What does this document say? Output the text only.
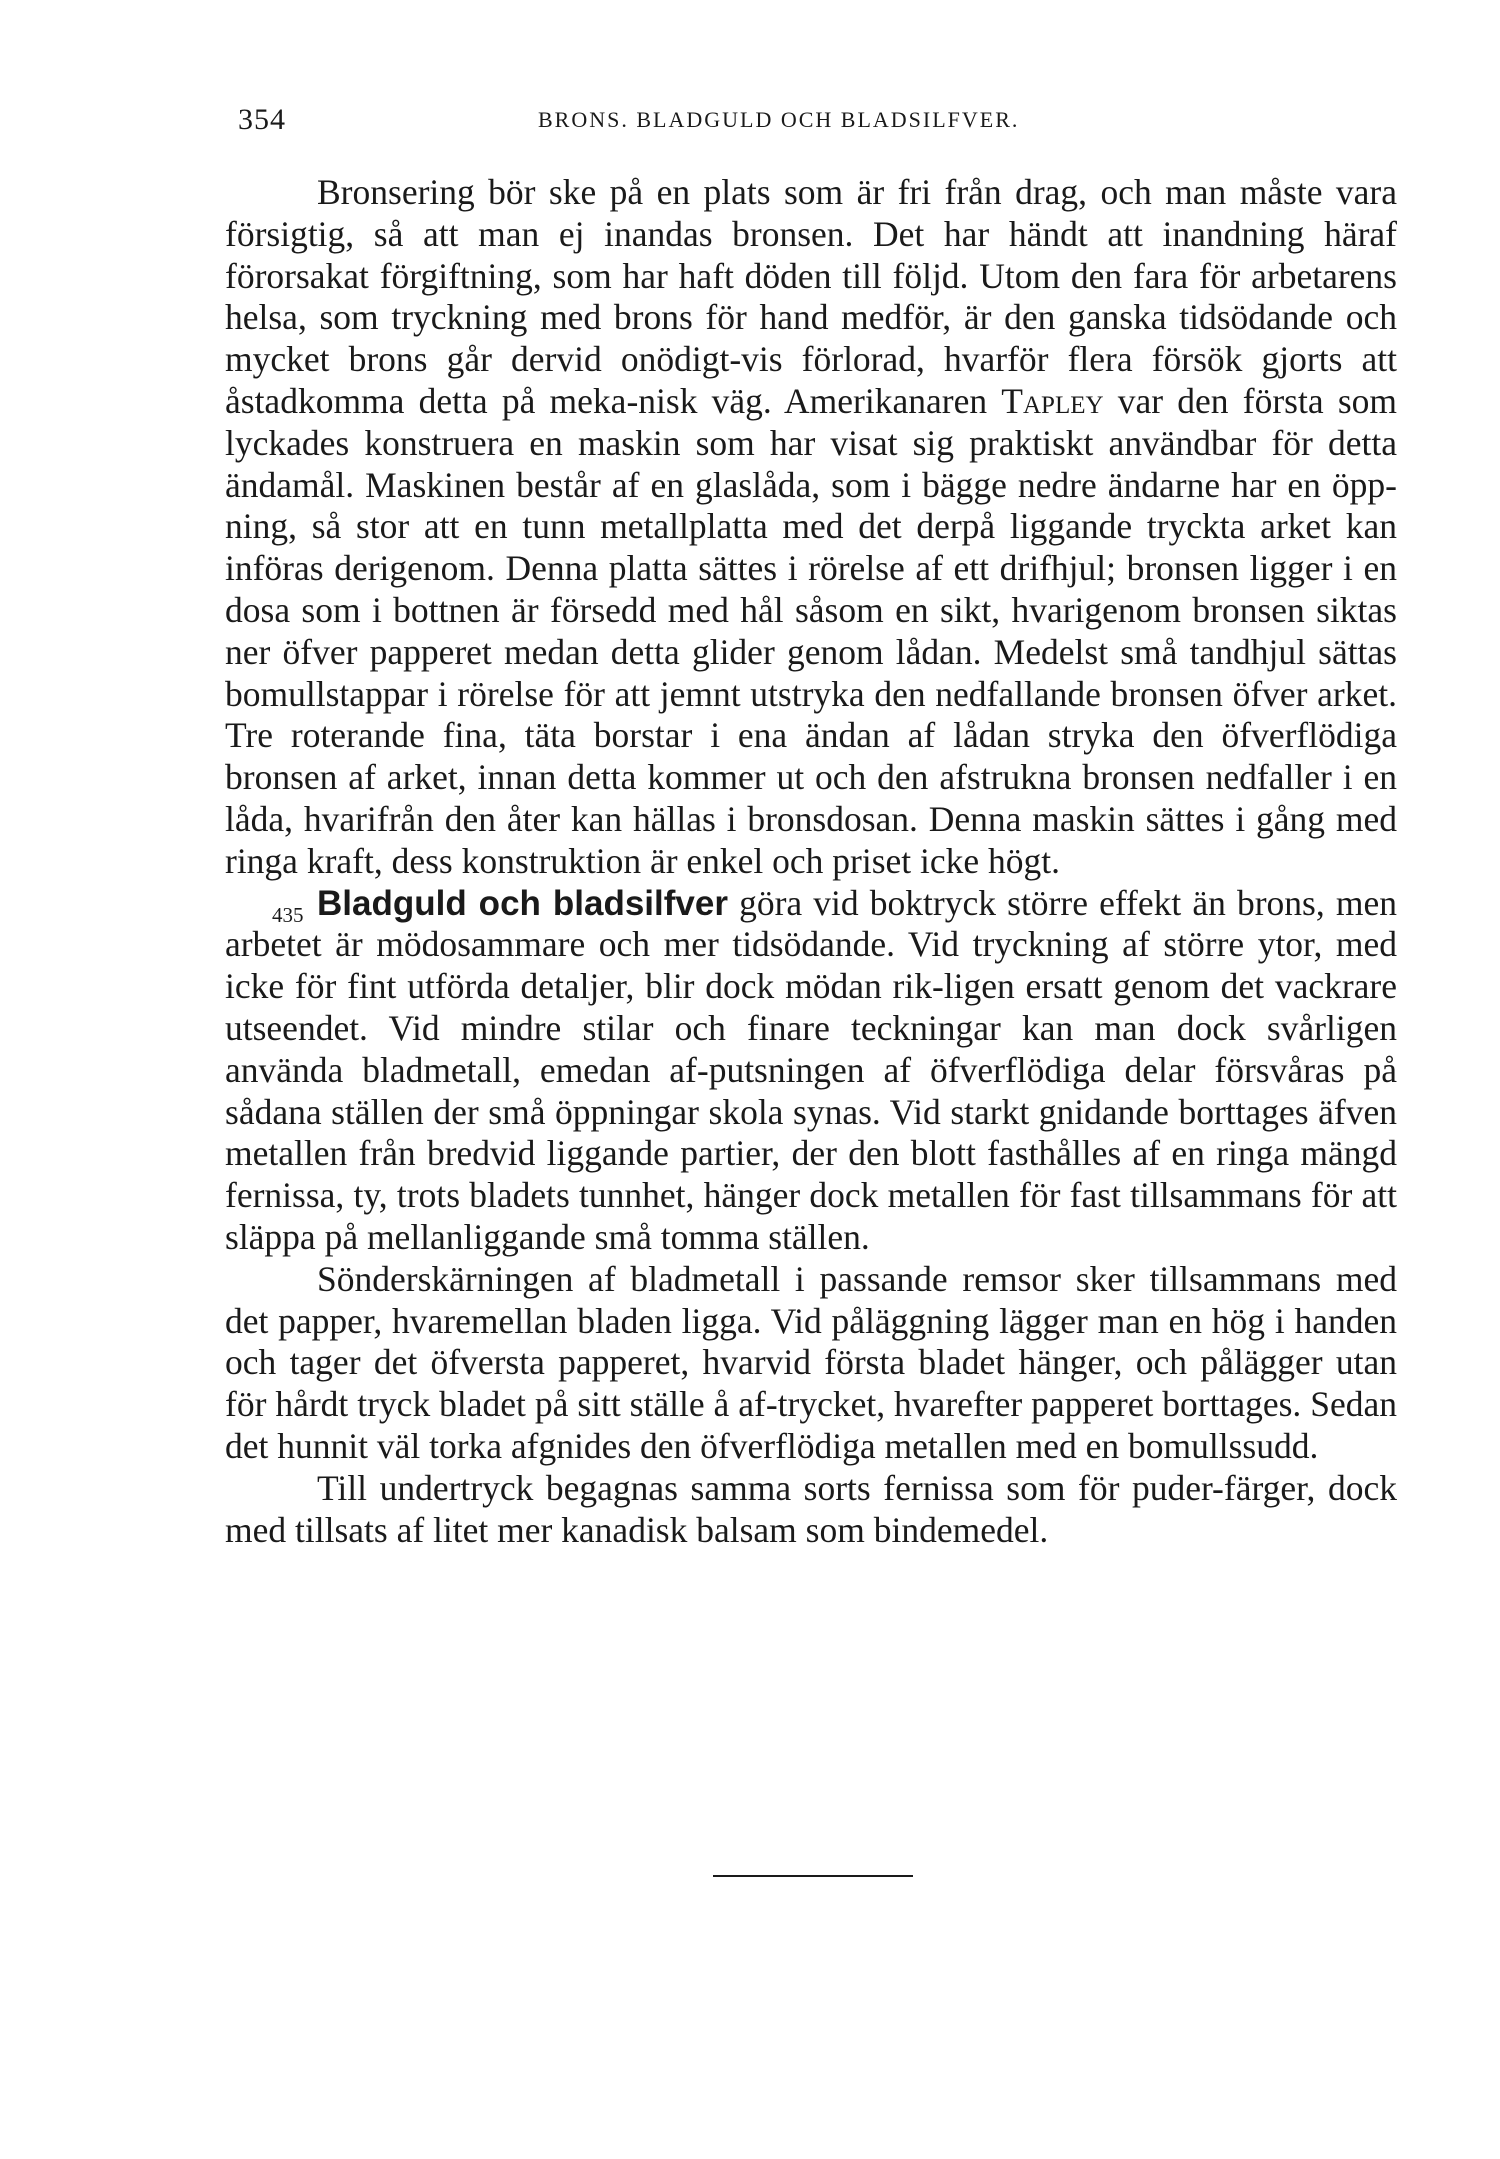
354	BRONS. BLADGULD OCH BLADSILFVER.

Bronsering bör ske på en plats som är fri från drag, och man måste vara försigtig, så att man ej inandas bronsen. Det har händt att inandning häraf förorsakat förgiftning, som har haft döden till följd. Utom den fara för arbetarens helsa, som tryckning med brons för hand medför, är den ganska tidsödande och mycket brons går dervid onödigt-vis förlorad, hvarför flera försök gjorts att åstadkomma detta på meka-nisk väg. Amerikanaren Tapley var den första som lyckades konstruera en maskin som har visat sig praktiskt användbar för detta ändamål. Maskinen består af en glaslåda, som i bägge nedre ändarne har en öpp-ning, så stor att en tunn metallplatta med det derpå liggande tryckta arket kan införas derigenom. Denna platta sättes i rörelse af ett drifhjul; bronsen ligger i en dosa som i bottnen är försedd med hål såsom en sikt, hvarigenom bronsen siktas ner öfver papperet medan detta glider genom lådan. Medelst små tandhjul sättas bomullstappar i rörelse för att jemnt utstryka den nedfallande bronsen öfver arket. Tre roterande fina, täta borstar i ena ändan af lådan stryka den öfverflödiga bronsen af arket, innan detta kommer ut och den afstrukna bronsen nedfaller i en låda, hvarifrån den åter kan hällas i bronsdosan. Denna maskin sättes i gång med ringa kraft, dess konstruktion är enkel och priset icke högt.

435 Bladguld och bladsilfver göra vid boktryck större effekt än brons, men arbetet är mödosammare och mer tidsödande. Vid tryckning af större ytor, med icke för fint utförda detaljer, blir dock mödan rik-ligen ersatt genom det vackrare utseendet. Vid mindre stilar och finare teckningar kan man dock svårligen använda bladmetall, emedan af-putsningen af öfverflödiga delar försvåras på sådana ställen der små öppningar skola synas. Vid starkt gnidande borttages äfven metallen från bredvid liggande partier, der den blott fasthålles af en ringa mängd fernissa, ty, trots bladets tunnhet, hänger dock metallen för fast tillsammans för att släppa på mellanliggande små tomma ställen.

Sönderskärningen af bladmetall i passande remsor sker tillsammans med det papper, hvaremellan bladen ligga. Vid påläggning lägger man en hög i handen och tager det öfversta papperet, hvarvid första bladet hänger, och pålägger utan för hårdt tryck bladet på sitt ställe å af-trycket, hvarefter papperet borttages. Sedan det hunnit väl torka afgnides den öfverflödiga metallen med en bomullssudd.

Till undertryck begagnas samma sorts fernissa som för puder-färger, dock med tillsats af litet mer kanadisk balsam som bindemedel.
